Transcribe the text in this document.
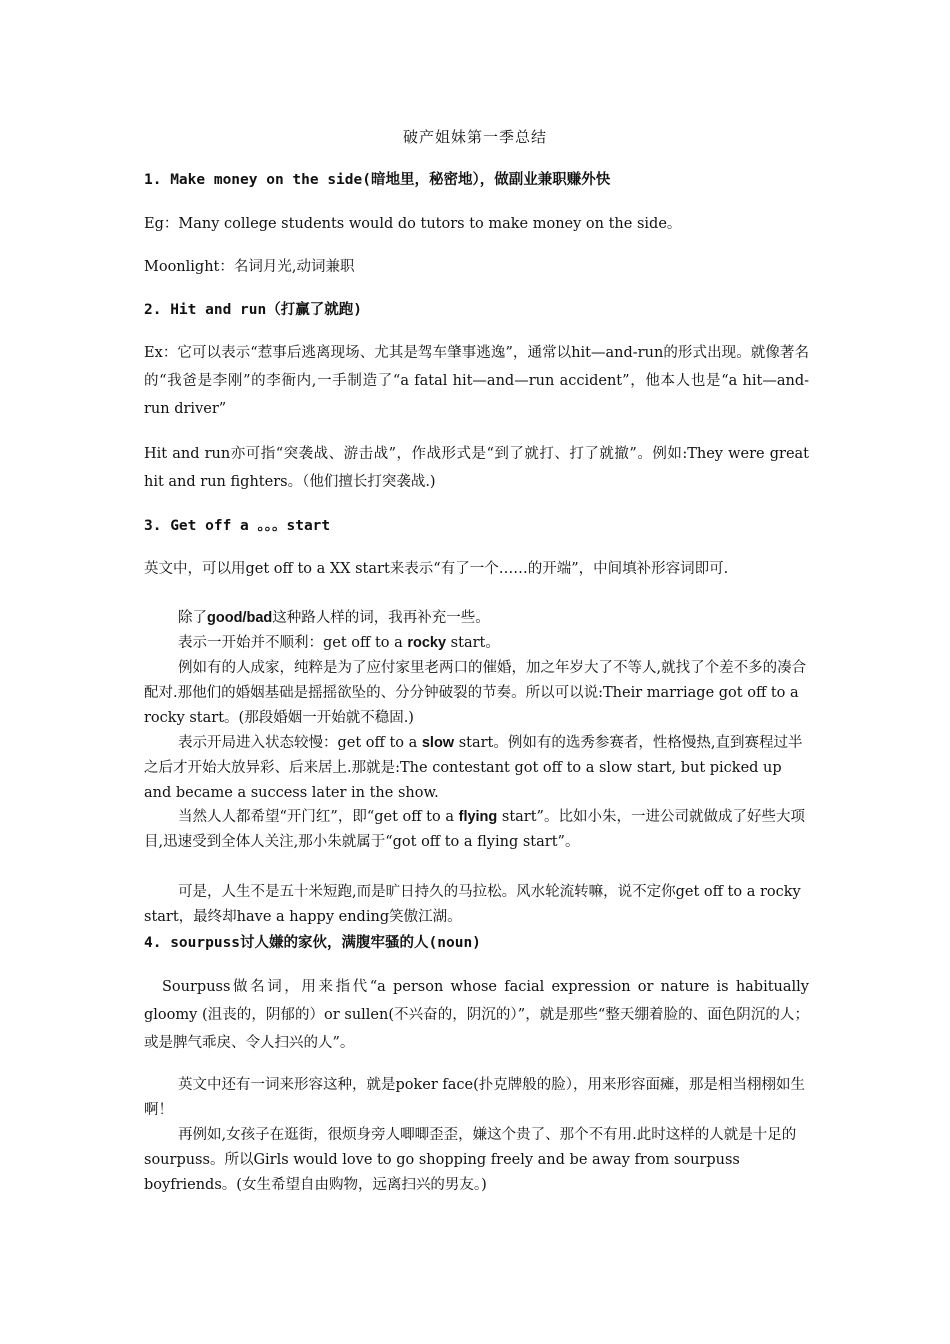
破产姐妹第一季总结

1. Make money on the side(暗地里，秘密地），做副业兼职赚外快

Eg：Many college students would do tutors to make money on the side。

Moonlight：名词月光,动词兼职

2. Hit and run（打赢了就跑)

Ex：它可以表示“惹事后逃离现场、尤其是驾车肇事逃逸”，通常以hit—and-run的形式出现。就像著名的“我爸是李刚”的李衙内,一手制造了“a fatal hit—and—run accident”，他本人也是“a hit—and-run driver”

Hit and run亦可指“突袭战、游击战”，作战形式是“到了就打、打了就撤”。例如:They were great hit and run fighters。（他们擅长打突袭战.)

3. Get off a 。。。start

英文中，可以用get off to a XX start来表示“有了一个……的开端”，中间填补形容词即可.

除了good/bad这种路人样的词，我再补充一些。

表示一开始并不顺利：get off to a rocky start。

例如有的人成家，纯粹是为了应付家里老两口的催婚，加之年岁大了不等人,就找了个差不多的凑合配对.那他们的婚姻基础是摇摇欲坠的、分分钟破裂的节奏。所以可以说:Their marriage got off to a rocky start。(那段婚姻一开始就不稳固.)

表示开局进入状态较慢：get off to a slow start。例如有的选秀参赛者，性格慢热,直到赛程过半之后才开始大放异彩、后来居上.那就是:The contestant got off to a slow start, but picked up and became a success later in the show.

当然人人都希望“开门红”，即“get off to a flying start”。比如小朱，一进公司就做成了好些大项目,迅速受到全体人关注,那小朱就属于“got off to a flying start”。

可是，人生不是五十米短跑,而是旷日持久的马拉松。风水轮流转嘛，说不定你get off to a rocky start，最终却have a happy ending笑傲江湖。

4. sourpuss讨人嫌的家伙，满腹牢骚的人(noun)

Sourpuss做名词，用来指代“a person whose facial expression or nature is habitually gloomy (沮丧的，阴郁的）or sullen(不兴奋的，阴沉的）”，就是那些“整天绷着脸的、面色阴沉的人；或是脾气乖戾、令人扫兴的人”。

英文中还有一词来形容这种，就是poker face(扑克牌般的脸），用来形容面瘫，那是相当栩栩如生啊！

再例如,女孩子在逛街，很烦身旁人唧唧歪歪，嫌这个贵了、那个不有用.此时这样的人就是十足的sourpuss。所以Girls would love to go shopping freely and be away from sourpuss boyfriends。(女生希望自由购物，远离扫兴的男友。)
